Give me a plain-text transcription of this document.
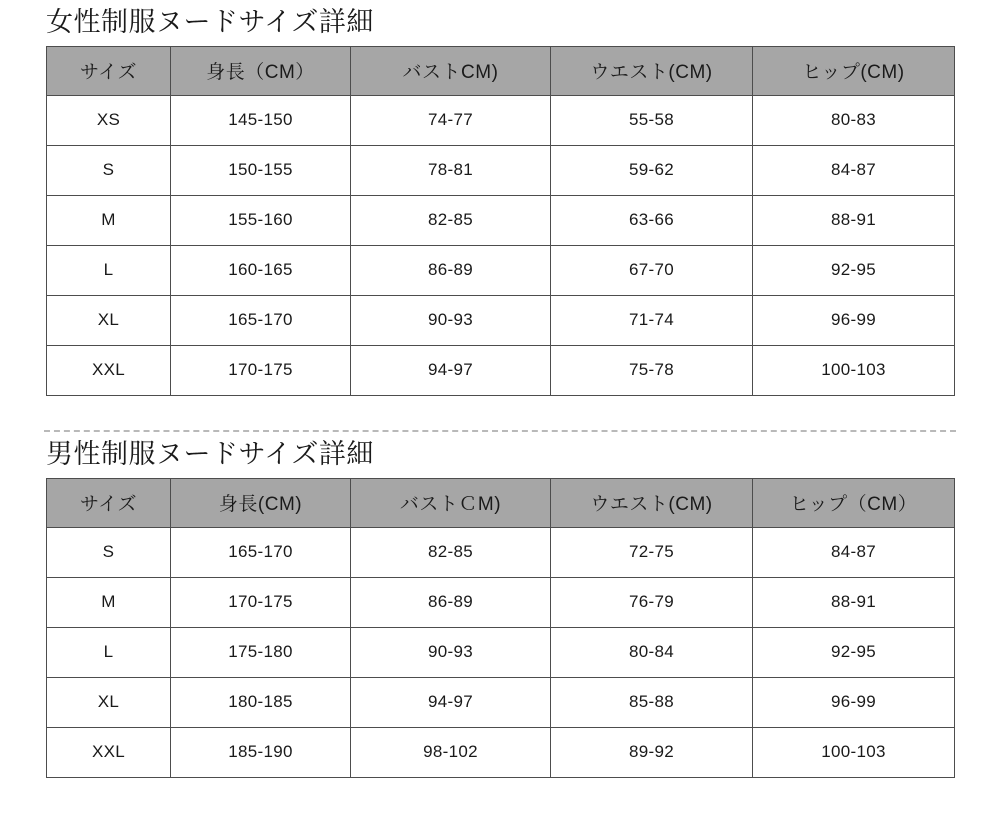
女性制服ヌードサイズ詳細
サイズ	身長（CM）	バストCM)	ウエスト(CM)	ヒップ(CM)
XS	145-150	74-77	55-58	80-83
S	150-155	78-81	59-62	84-87
M	155-160	82-85	63-66	88-91
L	160-165	86-89	67-70	92-95
XL	165-170	90-93	71-74	96-99
XXL	170-175	94-97	75-78	100-103
男性制服ヌードサイズ詳細
サイズ	身長(CM)	バストＣM)	ウエスト(CM)	ヒップ（CM）
S	165-170	82-85	72-75	84-87
M	170-175	86-89	76-79	88-91
L	175-180	90-93	80-84	92-95
XL	180-185	94-97	85-88	96-99
XXL	185-190	98-102	89-92	100-103
